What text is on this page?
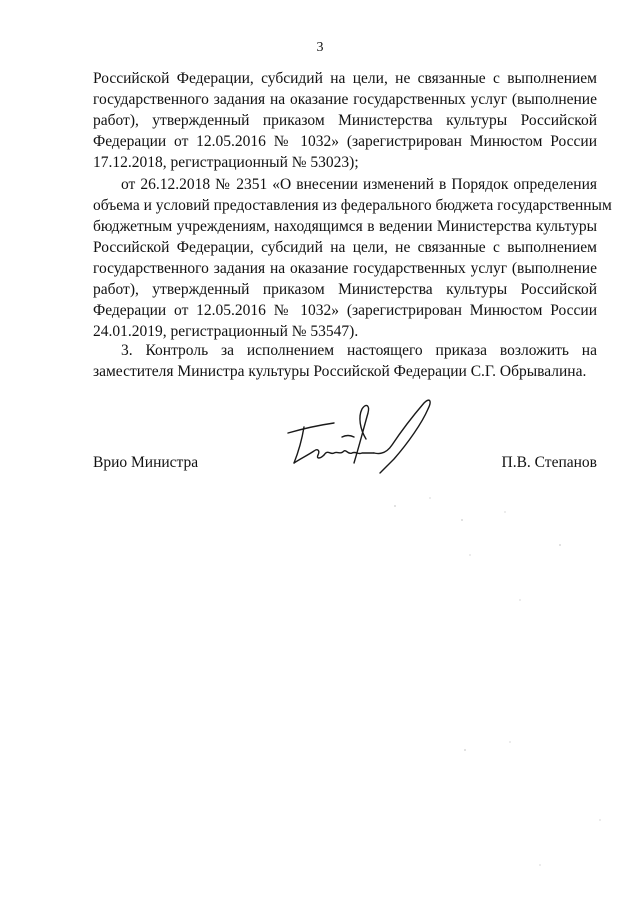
3
Российской Федерации, субсидий на цели, не связанные с выполнением
государственного задания на оказание государственных услуг (выполнение
работ), утвержденный приказом Министерства культуры Российской
Федерации от 12.05.2016 № 1032» (зарегистрирован Минюстом России
17.12.2018, регистрационный № 53023);
от 26.12.2018 № 2351 «О внесении изменений в Порядок определения
объема и условий предоставления из федерального бюджета государственным
бюджетным учреждениям, находящимся в ведении Министерства культуры
Российской Федерации, субсидий на цели, не связанные с выполнением
государственного задания на оказание государственных услуг (выполнение
работ), утвержденный приказом Министерства культуры Российской
Федерации от 12.05.2016 № 1032» (зарегистрирован Минюстом России
24.01.2019, регистрационный № 53547).
3. Контроль за исполнением настоящего приказа возложить на
заместителя Министра культуры Российской Федерации С.Г. Обрывалина.
Врио Министра	П.В. Степанов
